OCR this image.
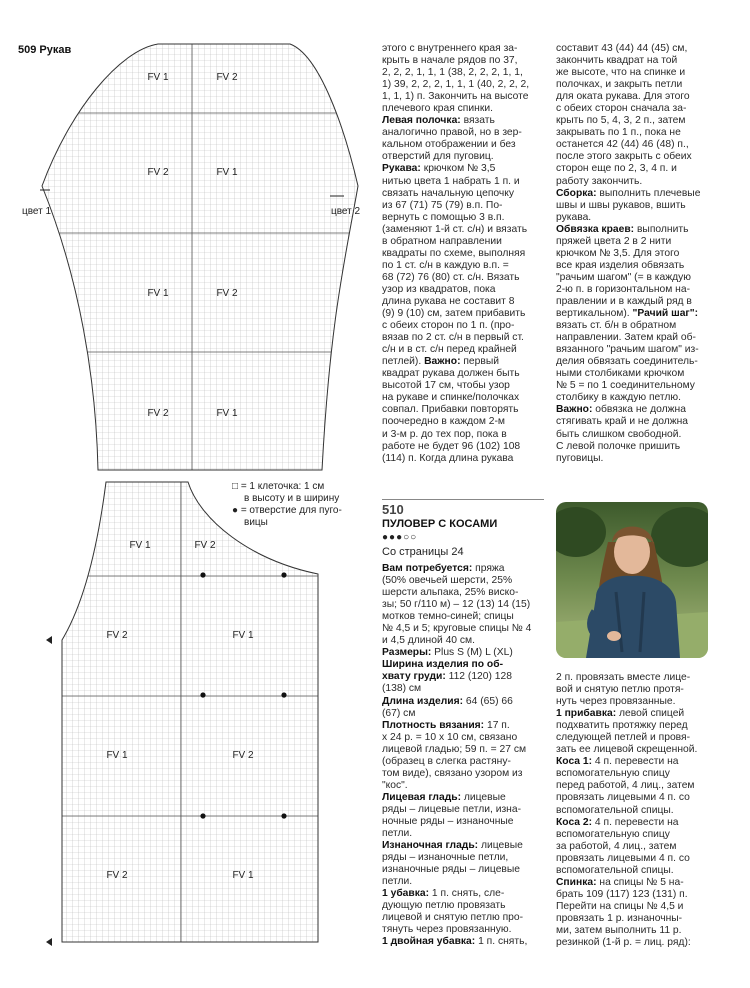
509 Рукав
FV 1	FV 2
FV 2	FV 1
FV 1	FV 2
FV 2	FV 1
цвет 1	цвет 2
FV 1	FV 2
FV 2	FV 1
FV 1	FV 2
FV 2	FV 1
□ = 1 клеточка: 1 см
в высоту и в ширину
● = отверстие для пуго-
вицы

этого с внутреннего края за-

крыть в начале рядов по 37,

2, 2, 2, 1, 1, 1 (38, 2, 2, 2, 1, 1,

1) 39, 2, 2, 2, 1, 1, 1 (40, 2, 2, 2,

1, 1, 1) п. Закончить на высоте

плечевого края спинки.

Левая полочка: вязать

аналогично правой, но в зер-

кальном отображении и без

отверстий для пуговиц.

Рукава: крючком № 3,5

нитью цвета 1 набрать 1 п. и

связать начальную цепочку

из 67 (71) 75 (79) в.п. По-

вернуть с помощью 3 в.п.

(заменяют 1-й ст. с/н) и вязать

в обратном направлении

квадраты по схеме, выполняя

по 1 ст. с/н в каждую в.п. =

68 (72) 76 (80) ст. с/н. Вязать

узор из квадратов, пока

длина рукава не составит 8

(9) 9 (10) см, затем прибавить

с обеих сторон по 1 п. (про-

вязав по 2 ст. с/н в первый ст.

с/н и в ст. с/н перед крайней

петлей). Важно: первый

квадрат рукава должен быть

высотой 17 см, чтобы узор

на рукаве и спинке/полочках

совпал. Прибавки повторять

поочередно в каждом 2-м

и 3-м р. до тех пор, пока в

работе не будет 96 (102) 108

(114) п. Когда длина рукава

составит 43 (44) 44 (45) см,

закончить квадрат на той

же высоте, что на спинке и

полочках, и закрыть петли

для оката рукава. Для этого

с обеих сторон сначала за-

крыть по 5, 4, 3, 2 п., затем

закрывать по 1 п., пока не

останется 42 (44) 46 (48) п.,

после этого закрыть с обеих

сторон еще по 2, 3, 4 п. и

работу закончить.

Сборка: выполнить плечевые

швы и швы рукавов, вшить

рукава.

Обвязка краев: выполнить

пряжей цвета 2 в 2 нити

крючком № 3,5. Для этого

все края изделия обвязать

"рачьим шагом" (= в каждую

2-ю п. в горизонтальном на-

правлении и в каждый ряд в

вертикальном). "Рачий шаг":

вязать ст. б/н в обратном

направлении. Затем край об-

вязанного "рачьим шагом" из-

делия обвязать соединитель-

ными столбиками крючком

№ 5 = по 1 соединительному

столбику в каждую петлю.

Важно: обвязка не должна

стягивать край и не должна

быть слишком свободной.

С левой полочке пришить

пуговицы.

510
ПУЛОВЕР С КОСАМИ
●●●○○
Со страницы 24

Вам потребуется: пряжа

(50% овечьей шерсти, 25%

шерсти альпака, 25% виско-

зы; 50 г/110 м) – 12 (13) 14 (15)

мотков темно-синей; спицы

№ 4,5 и 5; круговые спицы № 4

и 4,5 длиной 40 см.

Размеры: Plus S (M) L (XL)

Ширина изделия по об-

хвату груди: 112 (120) 128

(138) см

Длина изделия: 64 (65) 66

(67) см

Плотность вязания: 17 п.

х 24 р. = 10 х 10 см, связано

лицевой гладью; 59 п. = 27 см

(образец в слегка растяну-

том виде), связано узором из

"кос".

Лицевая гладь: лицевые

ряды – лицевые петли, изна-

ночные ряды – изнаночные

петли.

Изнаночная гладь: лицевые

ряды – изнаночные петли,

изнаночные ряды – лицевые

петли.

1 убавка: 1 п. снять, сле-

дующую петлю провязать

лицевой и снятую петлю про-

тянуть через провязанную.

1 двойная убавка: 1 п. снять,

2 п. провязать вместе лице-

вой и снятую петлю протя-

нуть через провязанные.

1 прибавка: левой спицей

подхватить протяжку перед

следующей петлей и провя-

зать ее лицевой скрещенной.

Коса 1: 4 п. перевести на

вспомогательную спицу

перед работой, 4 лиц., затем

провязать лицевыми 4 п. со

вспомогательной спицы.

Коса 2: 4 п. перевести на

вспомогательную спицу

за работой, 4 лиц., затем

провязать лицевыми 4 п. со

вспомогательной спицы.

Спинка: на спицы № 5 на-

брать 109 (117) 123 (131) п.

Перейти на спицы № 4,5 и

провязать 1 р. изнаночны-

ми, затем выполнить 11 р.

резинкой (1-й р. = лиц. ряд):
